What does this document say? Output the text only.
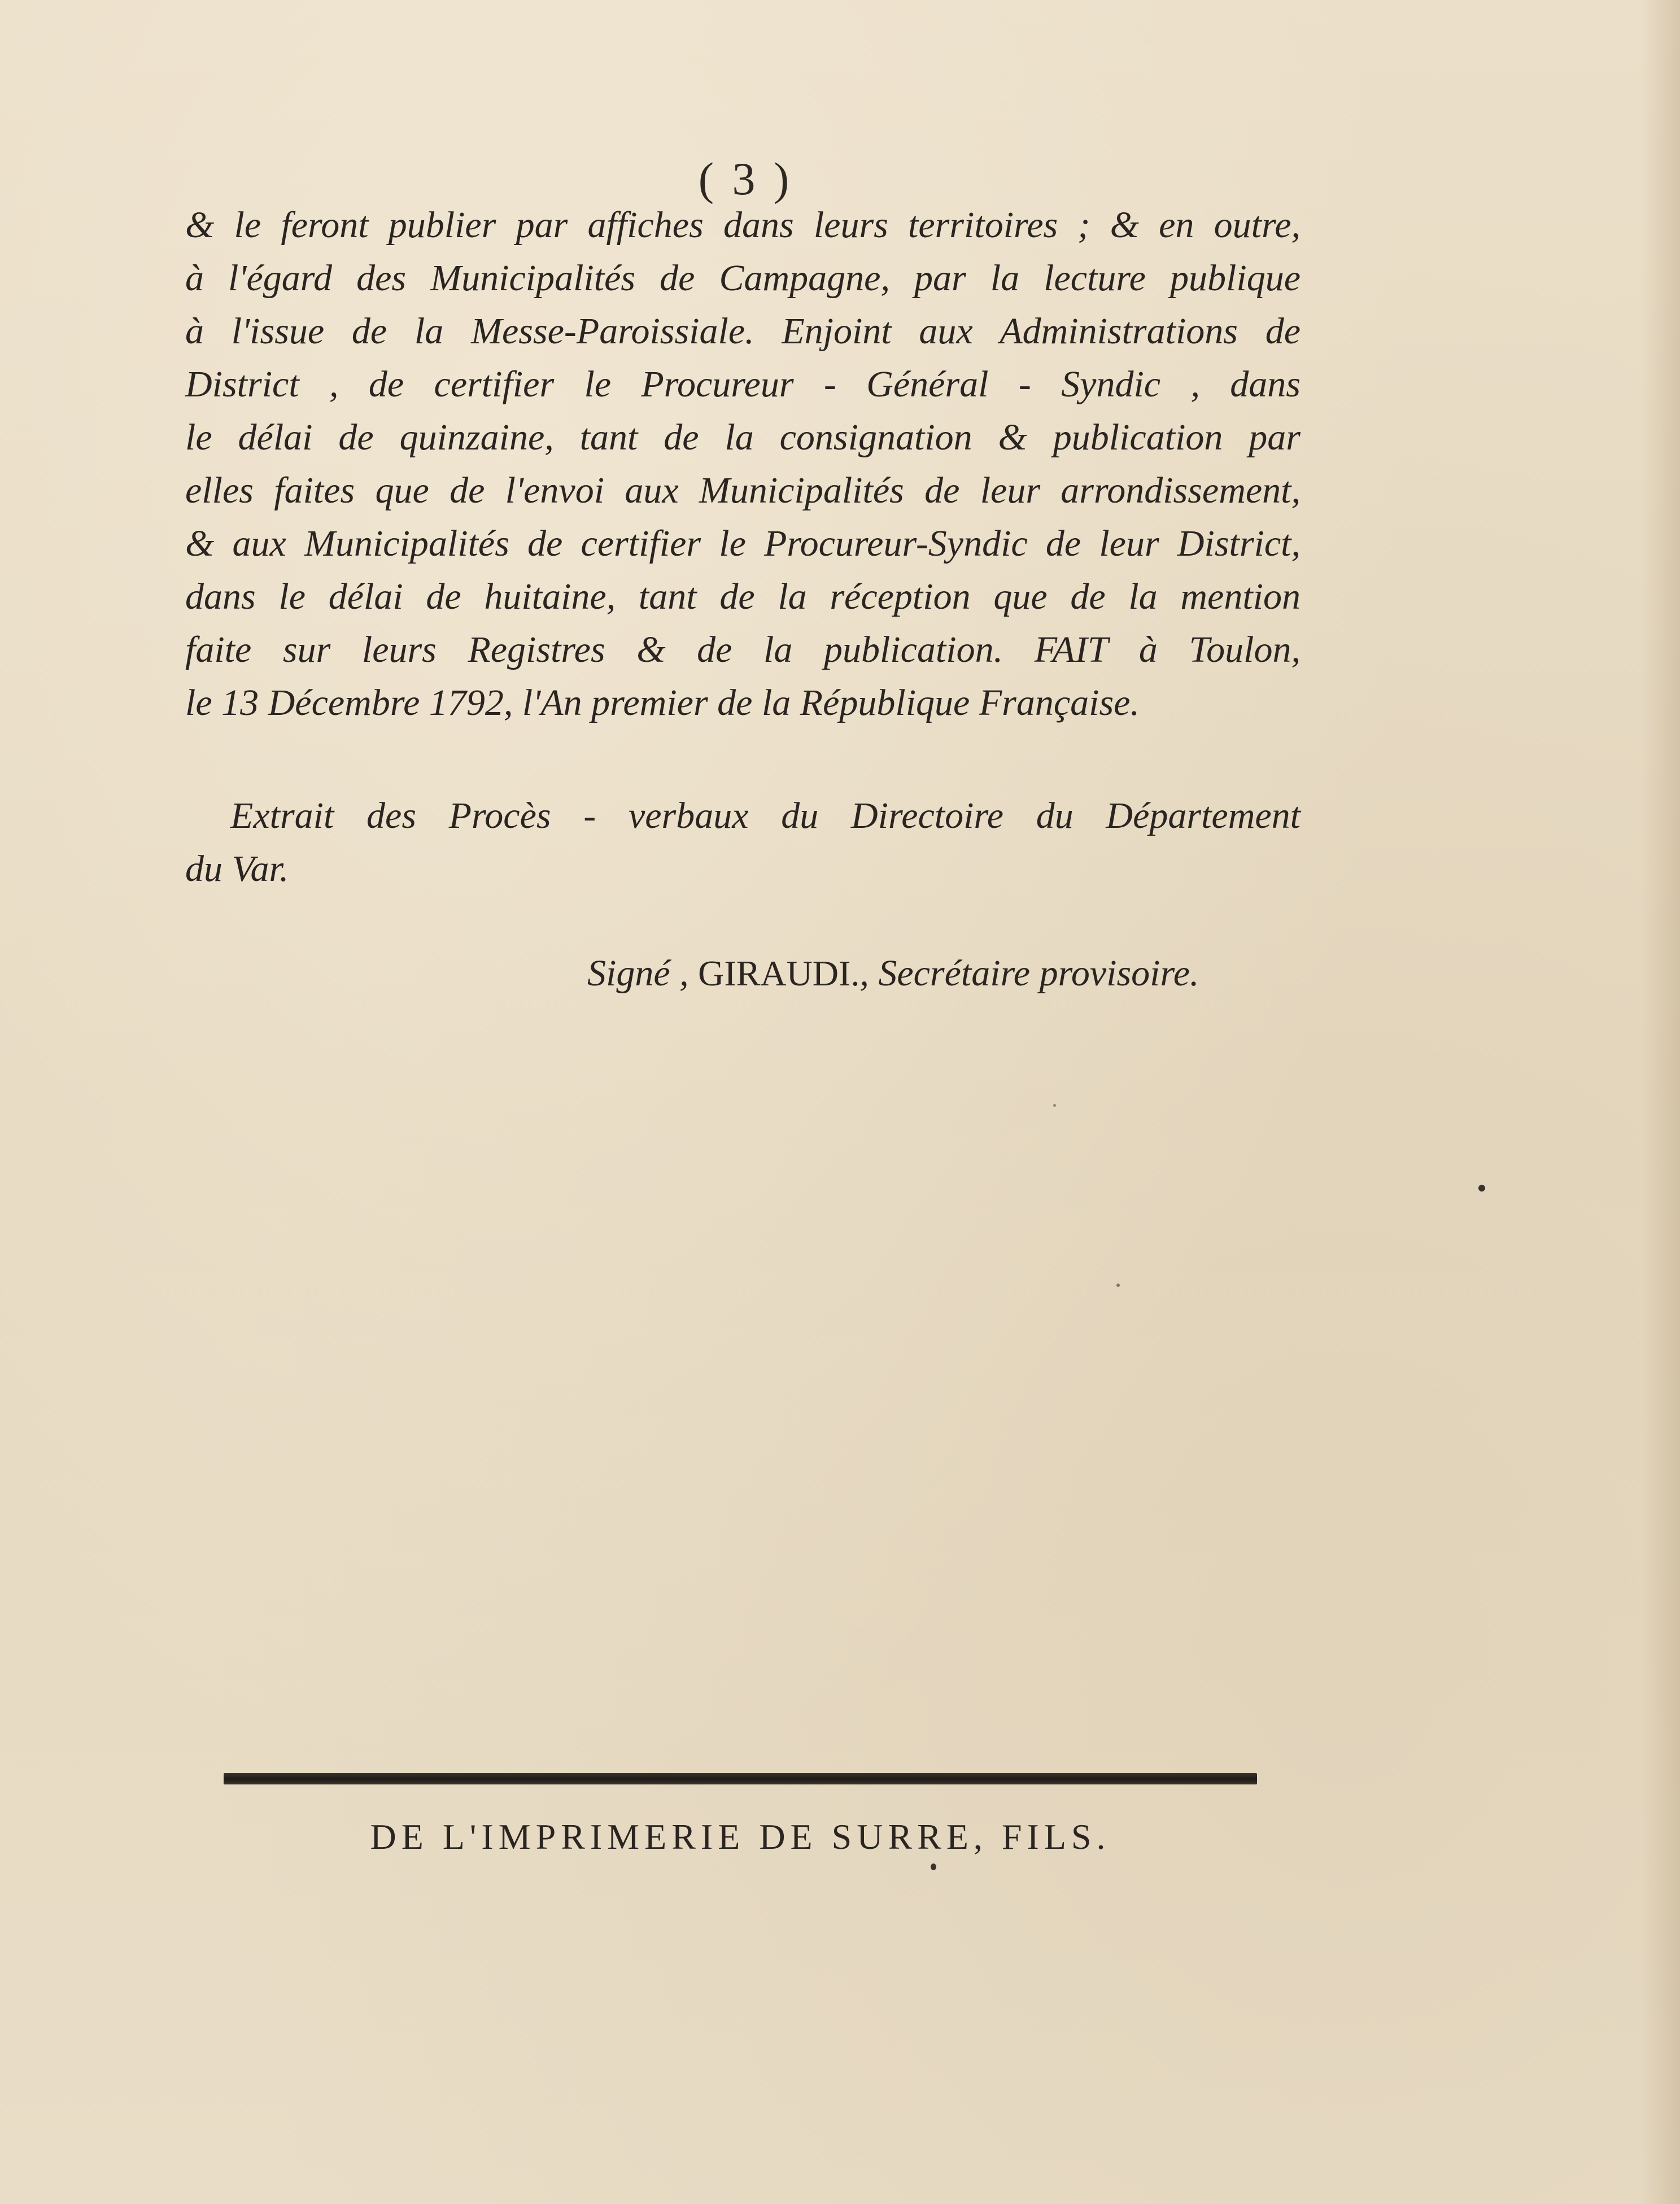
( 3 )
& le feront publier par affiches dans leurs territoires ; & en outre,
à l'égard des Municipalités de Campagne, par la lecture publique
à l'issue de la Messe-Paroissiale. Enjoint aux Administrations de
District , de certifier le Procureur - Général - Syndic , dans
le délai de quinzaine, tant de la consignation & publication par
elles faites que de l'envoi aux Municipalités de leur arrondissement,
& aux Municipalités de certifier le Procureur-Syndic de leur District,
dans le délai de huitaine, tant de la réception que de la mention
faite sur leurs Registres & de la publication. FAIT à Toulon,
le 13 Décembre 1792, l'An premier de la République Française.
Extrait des Procès - verbaux du Directoire du Département
du Var.
Signé , GIRAUDI., Secrétaire provisoire.
DE L'IMPRIMERIE DE SURRE, FILS.
